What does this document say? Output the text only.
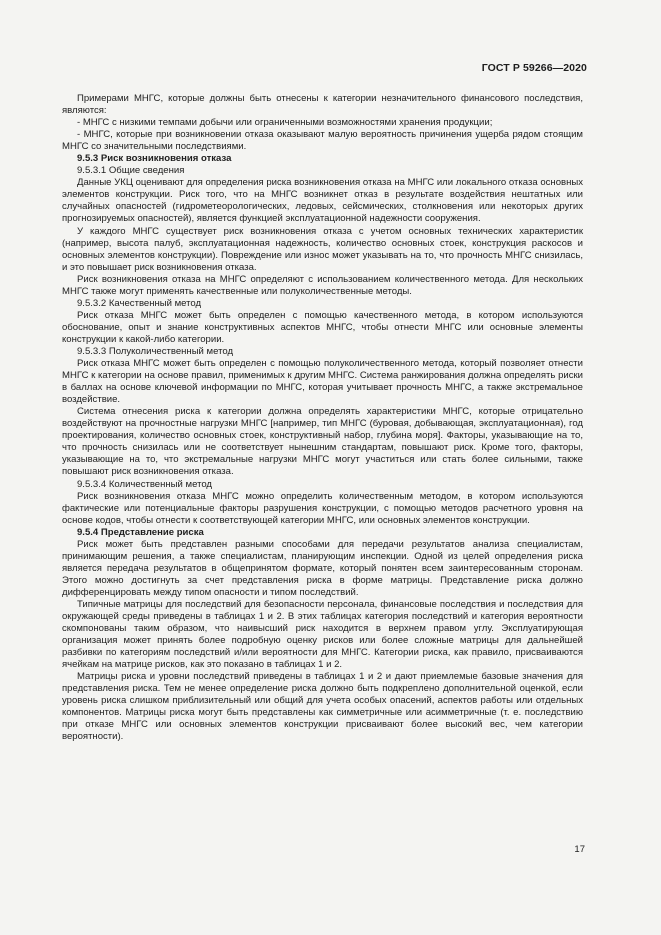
ГОСТ Р 59266—2020

Примерами МНГС, которые должны быть отнесены к категории незначительного финансового последствия, являются:

- МНГС с низкими темпами добычи или ограниченными возможностями хранения продукции;

- МНГС, которые при возникновении отказа оказывают малую вероятность причинения ущерба рядом стоящим МНГС со значительными последствиями.

9.5.3 Риск возникновения отказа

9.5.3.1 Общие сведения

Данные УКЦ оценивают для определения риска возникновения отказа на МНГС или локального отказа основных элементов конструкции. Риск того, что на МНГС возникнет отказ в результате воздействия нештатных или случайных опасностей (гидрометеорологических, ледовых, сейсмических, столкновения или некоторых других прогнозируемых опасностей), является функцией эксплуатационной надежности сооружения.

У каждого МНГС существует риск возникновения отказа с учетом основных технических характеристик (например, высота палуб, эксплуатационная надежность, количество основных стоек, конструкция раскосов и основных элементов конструкции). Повреждение или износ может указывать на то, что прочность МНГС снизилась, и это повышает риск возникновения отказа.

Риск возникновения отказа на МНГС определяют с использованием количественного метода. Для нескольких МНГС также могут применять качественные или полуколичественные методы.

9.5.3.2 Качественный метод

Риск отказа МНГС может быть определен с помощью качественного метода, в котором используются обоснование, опыт и знание конструктивных аспектов МНГС, чтобы отнести МНГС или основные элементы конструкции к какой-либо категории.

9.5.3.3 Полуколичественный метод

Риск отказа МНГС может быть определен с помощью полуколичественного метода, который позволяет отнести МНГС к категории на основе правил, применимых к другим МНГС. Система ранжирования должна определять риски в баллах на основе ключевой информации по МНГС, которая учитывает прочность МНГС, а также экстремальное воздействие.

Система отнесения риска к категории должна определять характеристики МНГС, которые отрицательно воздействуют на прочностные нагрузки МНГС [например, тип МНГС (буровая, добывающая, эксплуатационная), год проектирования, количество основных стоек, конструктивный набор, глубина моря]. Факторы, указывающие на то, что прочность снизилась или не соответствует нынешним стандартам, повышают риск. Кроме того, факторы, указывающие на то, что экстремальные нагрузки МНГС могут участиться или стать более сильными, также повышают риск возникновения отказа.

9.5.3.4 Количественный метод

Риск возникновения отказа МНГС можно определить количественным методом, в котором используются фактические или потенциальные факторы разрушения конструкции, с помощью методов расчетного уровня на основе кодов, чтобы отнести к соответствующей категории МНГС, или основных элементов конструкции.

9.5.4 Представление риска

Риск может быть представлен разными способами для передачи результатов анализа специалистам, принимающим решения, а также специалистам, планирующим инспекции. Одной из целей определения риска является передача результатов в общепринятом формате, который понятен всем заинтересованным сторонам. Этого можно достигнуть за счет представления риска в форме матрицы. Представление риска должно дифференцировать между типом опасности и типом последствий.

Типичные матрицы для последствий для безопасности персонала, финансовые последствия и последствия для окружающей среды приведены в таблицах 1 и 2. В этих таблицах категория последствий и категория вероятности скомпонованы таким образом, что наивысший риск находится в верхнем правом углу. Эксплуатирующая организация может принять более подробную оценку рисков или более сложные матрицы для дальнейшей разбивки по категориям последствий и/или вероятности для МНГС. Категории риска, как правило, присваиваются ячейкам на матрице рисков, как это показано в таблицах 1 и 2.

Матрицы риска и уровни последствий приведены в таблицах 1 и 2 и дают приемлемые базовые значения для представления риска. Тем не менее определение риска должно быть подкреплено дополнительной оценкой, если уровень риска слишком приблизительный или общий для учета особых опасений, аспектов работы или отдельных компонентов. Матрицы риска могут быть представлены как симметричные или асимметричные (т. е. последствию при отказе МНГС или основных элементов конструкции присваивают более высокий вес, чем категории вероятности).

17
